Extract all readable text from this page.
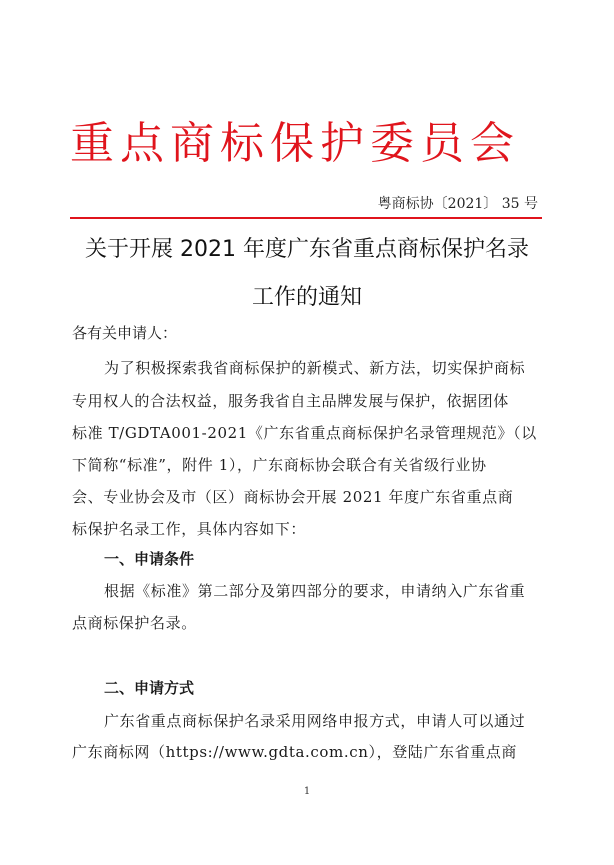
重点商标保护委员会
粤商标协〔2021〕 35 号
关于开展 2021 年度广东省重点商标保护名录
工作的通知
各有关申请人：
为了积极探索我省商标保护的新模式、新方法，切实保护商标
专用权人的合法权益，服务我省自主品牌发展与保护，依据团体
标准 T/GDTA001-2021《广东省重点商标保护名录管理规范》（以
下简称“标准”，附件 1），广东商标协会联合有关省级行业协
会、专业协会及市（区）商标协会开展 2021 年度广东省重点商
标保护名录工作，具体内容如下：
一、申请条件
根据《标准》第二部分及第四部分的要求，申请纳入广东省重
点商标保护名录。
二、申请方式
广东省重点商标保护名录采用网络申报方式，申请人可以通过
广东商标网（https://www.gdta.com.cn），登陆广东省重点商
1
